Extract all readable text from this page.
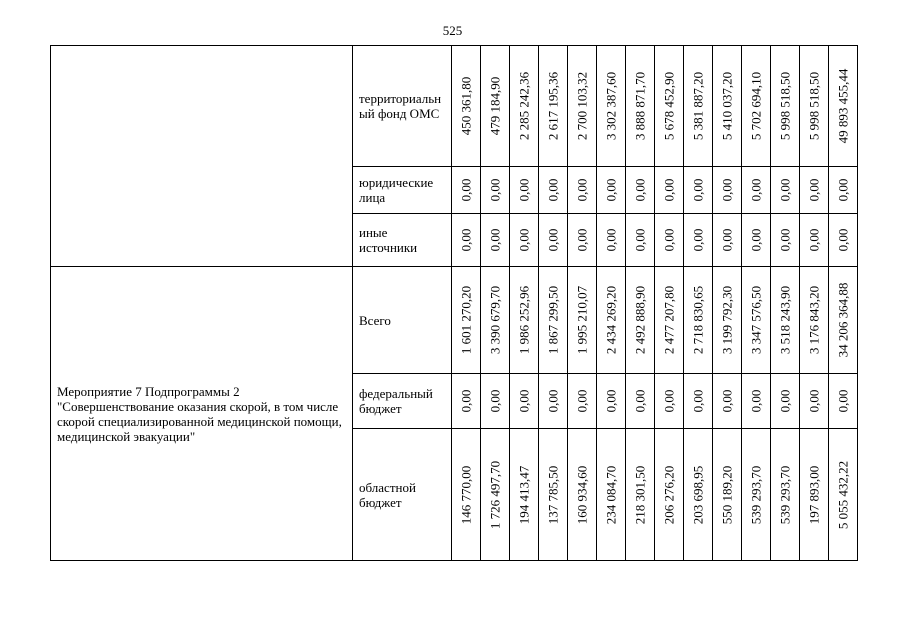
525
	территориальн ый фонд ОМС	450 361,80	479 184,90	2 285 242,36	2 617 195,36	2 700 103,32	3 302 387,60	3 888 871,70	5 678 452,90	5 381 887,20	5 410 037,20	5 702 694,10	5 998 518,50	5 998 518,50	49 893 455,44

	юридические лица	0,00	0,00	0,00	0,00	0,00	0,00	0,00	0,00	0,00	0,00	0,00	0,00	0,00	0,00

	иные источники	0,00	0,00	0,00	0,00	0,00	0,00	0,00	0,00	0,00	0,00	0,00	0,00	0,00	0,00

Мероприятие 7 Подпрограммы 2 "Совершенствование оказания скорой, в том числе скорой специализированной медицинской помощи, медицинской эвакуации"	Всего	1 601 270,20	3 390 679,70	1 986 252,96	1 867 299,50	1 995 210,07	2 434 269,20	2 492 888,90	2 477 207,80	2 718 830,65	3 199 792,30	3 347 576,50	3 518 243,90	3 176 843,20	34 206 364,88

	федеральный бюджет	0,00	0,00	0,00	0,00	0,00	0,00	0,00	0,00	0,00	0,00	0,00	0,00	0,00	0,00

	областной бюджет	146 770,00	1 726 497,70	194 413,47	137 785,50	160 934,60	234 084,70	218 301,50	206 276,20	203 698,95	550 189,20	539 293,70	539 293,70	197 893,00	5 055 432,22
